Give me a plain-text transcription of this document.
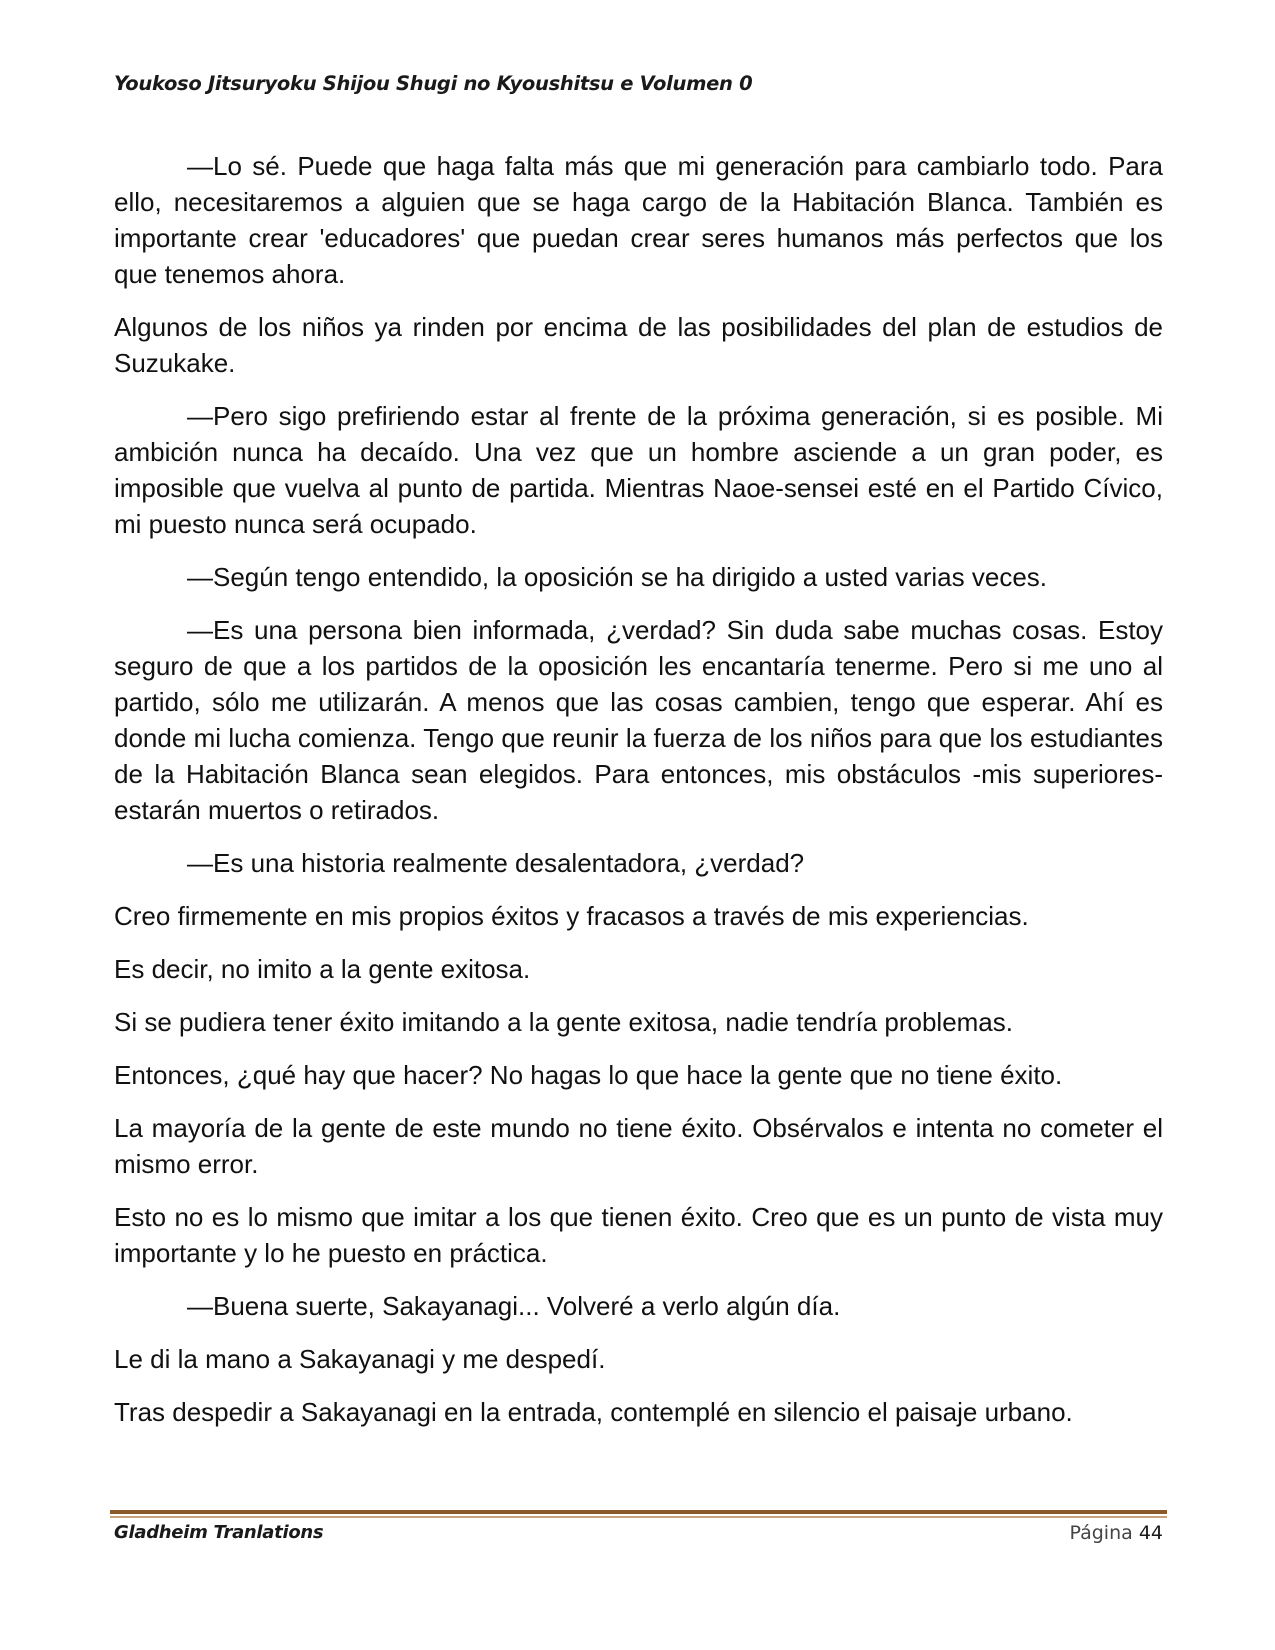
Youkoso Jitsuryoku Shijou Shugi no Kyoushitsu e Volumen 0

—Lo sé. Puede que haga falta más que mi generación para cambiarlo todo. Para ello, necesitaremos a alguien que se haga cargo de la Habitación Blanca. También es importante crear 'educadores' que puedan crear seres humanos más perfectos que los que tenemos ahora.

Algunos de los niños ya rinden por encima de las posibilidades del plan de estudios de Suzukake.

—Pero sigo prefiriendo estar al frente de la próxima generación, si es posible. Mi ambición nunca ha decaído. Una vez que un hombre asciende a un gran poder, es imposible que vuelva al punto de partida. Mientras Naoe-sensei esté en el Partido Cívico, mi puesto nunca será ocupado.

—Según tengo entendido, la oposición se ha dirigido a usted varias veces.

—Es una persona bien informada, ¿verdad? Sin duda sabe muchas cosas. Estoy seguro de que a los partidos de la oposición les encantaría tenerme. Pero si me uno al partido, sólo me utilizarán. A menos que las cosas cambien, tengo que esperar. Ahí es donde mi lucha comienza. Tengo que reunir la fuerza de los niños para que los estudiantes de la Habitación Blanca sean elegidos. Para entonces, mis obstáculos -mis superiores- estarán muertos o retirados.

—Es una historia realmente desalentadora, ¿verdad?

Creo firmemente en mis propios éxitos y fracasos a través de mis experiencias.

Es decir, no imito a la gente exitosa.

Si se pudiera tener éxito imitando a la gente exitosa, nadie tendría problemas.

Entonces, ¿qué hay que hacer? No hagas lo que hace la gente que no tiene éxito.

La mayoría de la gente de este mundo no tiene éxito. Obsérvalos e intenta no cometer el mismo error.

Esto no es lo mismo que imitar a los que tienen éxito. Creo que es un punto de vista muy importante y lo he puesto en práctica.

—Buena suerte, Sakayanagi... Volveré a verlo algún día.

Le di la mano a Sakayanagi y me despedí.

Tras despedir a Sakayanagi en la entrada, contemplé en silencio el paisaje urbano.

Gladheim Tranlations	Página 44
